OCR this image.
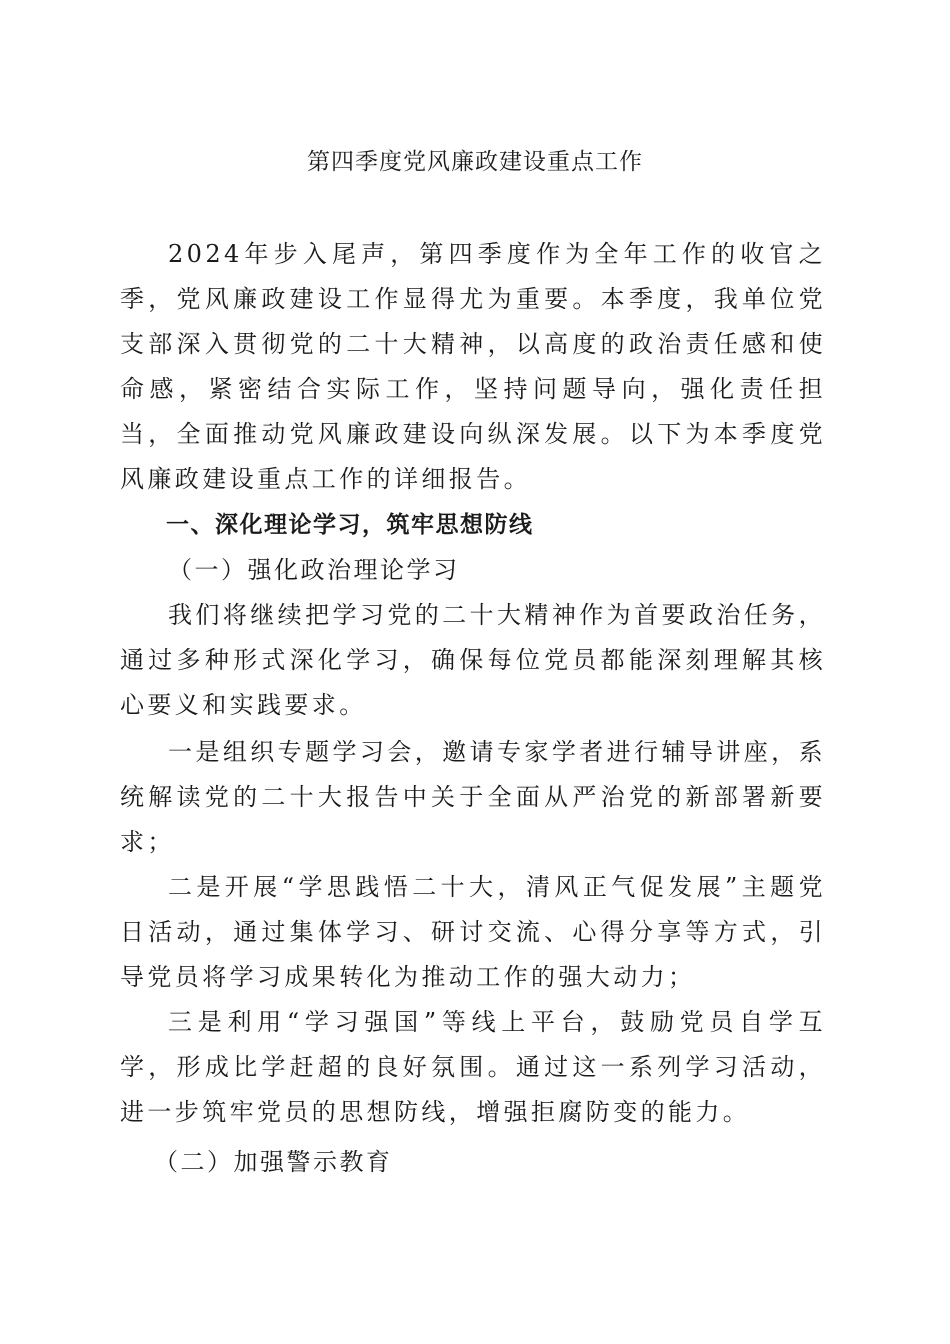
第四季度党风廉政建设重点工作

2024年步入尾声，第四季度作为全年工作的收官之季，党风廉政建设工作显得尤为重要。本季度，我单位党支部深入贯彻党的二十大精神，以高度的政治责任感和使命感，紧密结合实际工作，坚持问题导向，强化责任担当，全面推动党风廉政建设向纵深发展。以下为本季度党风廉政建设重点工作的详细报告。

一、深化理论学习，筑牢思想防线

（一）强化政治理论学习

我们将继续把学习党的二十大精神作为首要政治任务，通过多种形式深化学习，确保每位党员都能深刻理解其核心要义和实践要求。

一是组织专题学习会，邀请专家学者进行辅导讲座，系统解读党的二十大报告中关于全面从严治党的新部署新要求；

二是开展“学思践悟二十大，清风正气促发展”主题党日活动，通过集体学习、研讨交流、心得分享等方式，引导党员将学习成果转化为推动工作的强大动力；

三是利用“学习强国”等线上平台，鼓励党员自学互学，形成比学赶超的良好氛围。通过这一系列学习活动，进一步筑牢党员的思想防线，增强拒腐防变的能力。

（二）加强警示教育
